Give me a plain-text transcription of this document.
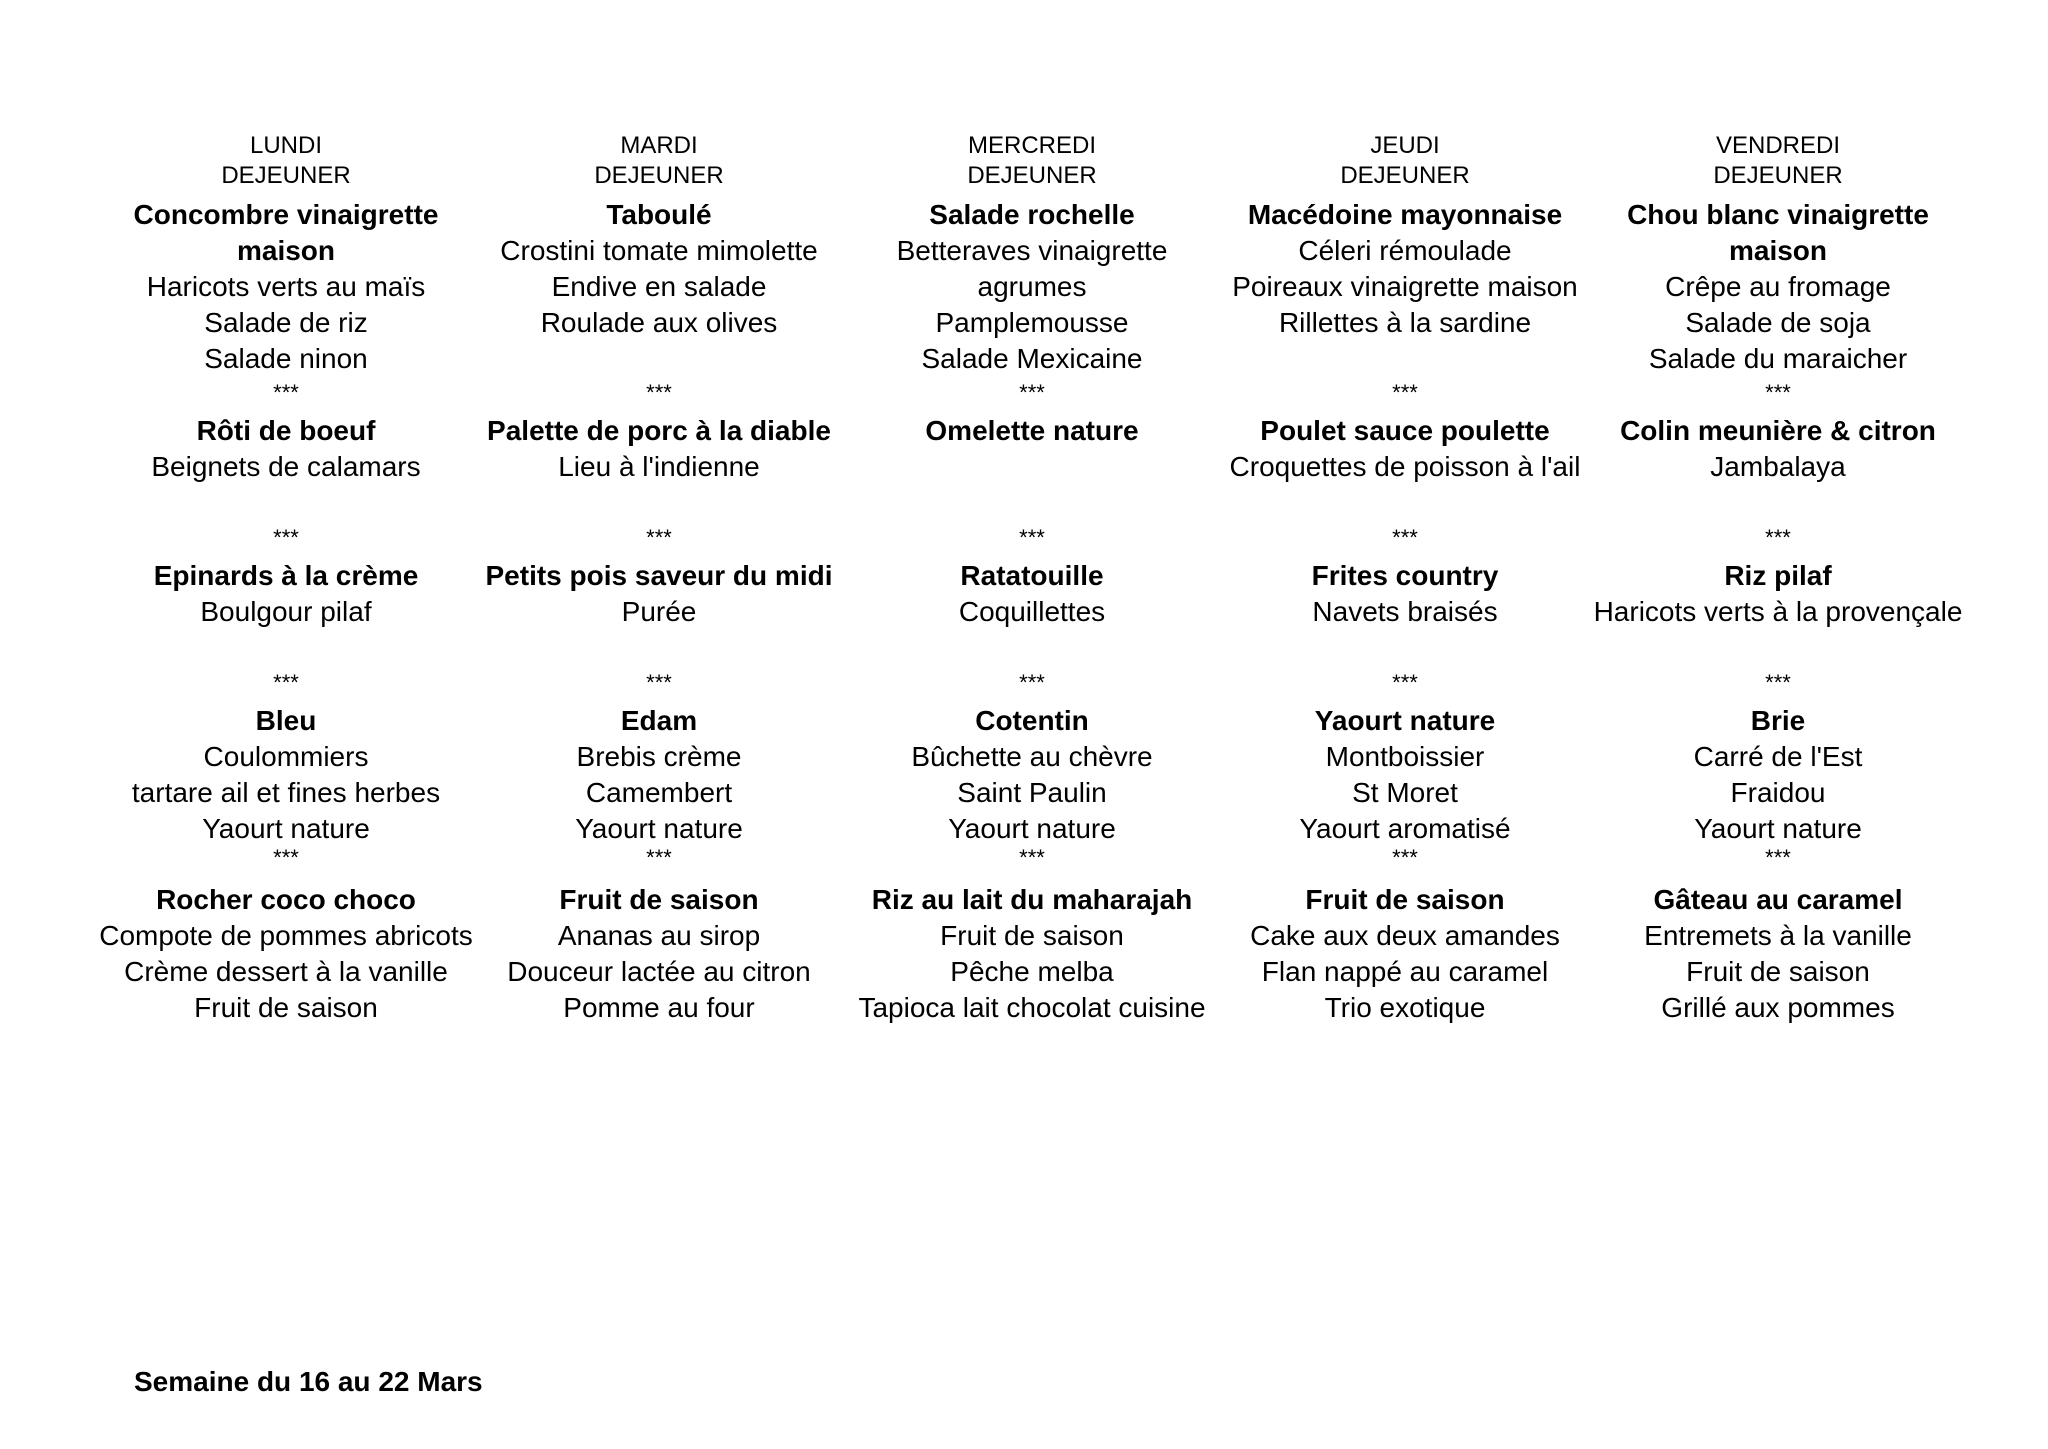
LUNDI
DEJEUNER
Concombre vinaigrette maison
Haricots verts au maïs
Salade de riz
Salade ninon
***
Rôti de boeuf
Beignets de calamars
***
Epinards à la crème
Boulgour pilaf
***
Bleu
Coulommiers
tartare ail et fines herbes
Yaourt nature
***
Rocher coco choco
Compote de pommes abricots
Crème dessert à la vanille
Fruit de saison
MARDI
DEJEUNER
Taboulé
Crostini tomate mimolette
Endive en salade
Roulade aux olives
***
Palette de porc à la diable
Lieu à l'indienne
***
Petits pois saveur du midi
Purée
***
Edam
Brebis crème
Camembert
Yaourt nature
***
Fruit de saison
Ananas au sirop
Douceur lactée au citron
Pomme au four
MERCREDI
DEJEUNER
Salade rochelle
Betteraves vinaigrette agrumes
Pamplemousse
Salade Mexicaine
***
Omelette nature
***
Ratatouille
Coquillettes
***
Cotentin
Bûchette au chèvre
Saint Paulin
Yaourt nature
***
Riz au lait du maharajah
Fruit de saison
Pêche melba
Tapioca lait chocolat cuisine
JEUDI
DEJEUNER
Macédoine mayonnaise
Céleri rémoulade
Poireaux vinaigrette maison
Rillettes à la sardine
***
Poulet sauce poulette
Croquettes de poisson à l'ail
***
Frites country
Navets braisés
***
Yaourt nature
Montboissier
St Moret
Yaourt aromatisé
***
Fruit de saison
Cake aux deux amandes
Flan nappé au caramel
Trio exotique
VENDREDI
DEJEUNER
Chou blanc vinaigrette maison
Crêpe au fromage
Salade de soja
Salade du maraicher
***
Colin meunière & citron
Jambalaya
***
Riz pilaf
Haricots verts à la provençale
***
Brie
Carré de l'Est
Fraidou
Yaourt nature
***
Gâteau au caramel
Entremets à la vanille
Fruit de saison
Grillé aux pommes
Semaine du 16 au 22 Mars
